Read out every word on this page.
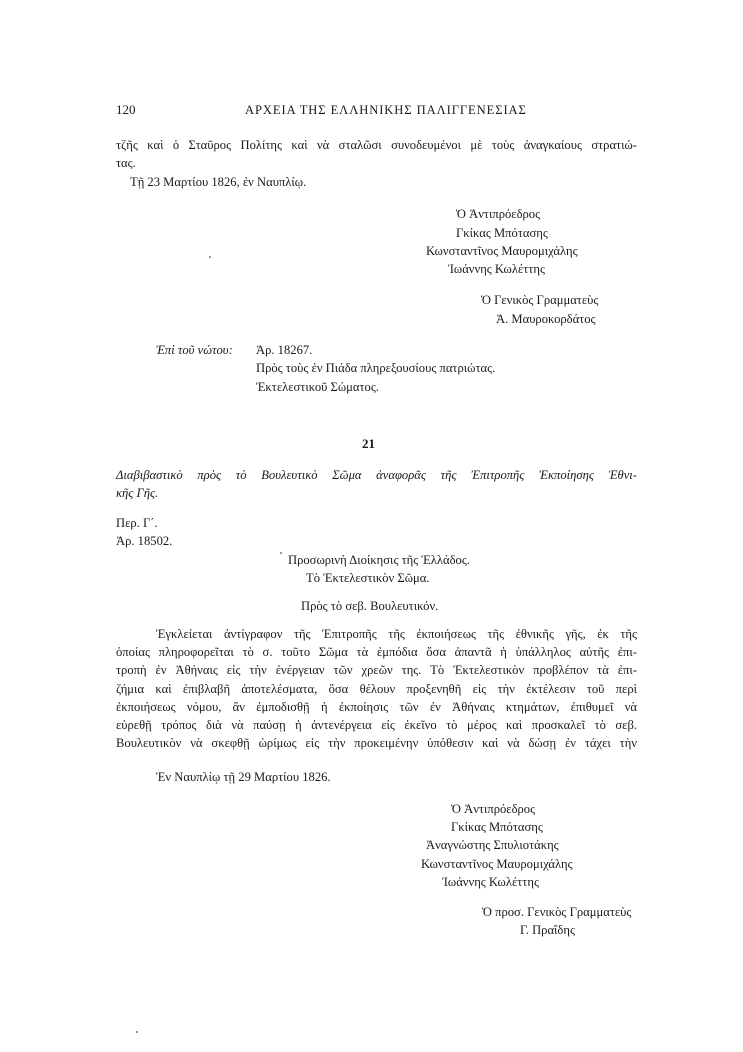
120	ΑΡΧΕΙΑ ΤΗΣ ΕΛΛΗΝΙΚΗΣ ΠΑΛΙΓΓΕΝΕΣΙΑΣ
τζῆς καὶ ὁ Σταῦρος Πολίτης καὶ νὰ σταλῶσι συνοδευμένοι μὲ τοὺς ἀναγκαίους στρατιώ-
τας.
Τῇ 23 Μαρτίου 1826, ἐν Ναυπλίῳ.
Ὁ Ἀντιπρόεδρος
Γκίκας Μπότασης
Κωνσταντῖνος Μαυρομιχάλης
Ἰωάννης Κωλέττης
Ὁ Γενικὸς Γραμματεὺς
Ἀ. Μαυροκορδάτος
Ἐπὶ τοῦ νώτου: Ἀρ. 18267.
Πρὸς τοὺς ἐν Πιάδα πληρεξουσίους πατριώτας.
Ἐκτελεστικοῦ Σώματος.
21
Διαβιβαστικὸ πρὸς τὸ Βουλευτικὸ Σῶμα ἀναφορᾶς τῆς Ἐπιτροπῆς Ἐκποίησης Ἐθνι-
κῆς Γῆς.
Περ. Γ΄.
Ἀρ. 18502.
Προσωρινὴ Διοίκησις τῆς Ἑλλάδος.
Τὸ Ἐκτελεστικὸν Σῶμα.
Πρὸς τὸ σεβ. Βουλευτικόν.
Ἐγκλείεται ἀντίγραφον τῆς Ἐπιτροπῆς τῆς ἐκποιήσεως τῆς ἐθνικῆς γῆς, ἐκ τῆς
ὁποίας πληροφορεῖται τὸ σ. τοῦτο Σῶμα τὰ ἐμπόδια ὅσα ἀπαντᾶ ἡ ὑπάλληλος αὐτῆς ἐπι-
τροπὴ ἐν Ἀθήναις εἰς τὴν ἐνέργειαν τῶν χρεῶν της. Τὸ Ἐκτελεστικὸν προβλέπον τὰ ἐπι-
ζήμια καὶ ἐπιβλαβῆ ἀποτελέσματα, ὅσα θέλουν προξενηθῆ εἰς τὴν ἐκτέλεσιν τοῦ περὶ
ἐκποιήσεως νόμου, ἂν ἐμποδισθῇ ἡ ἐκποίησις τῶν ἐν Ἀθήναις κτημάτων, ἐπιθυμεῖ νὰ
εὑρεθῇ τρόπος διὰ νὰ παύσῃ ἡ ἀντενέργεια εἰς ἐκεῖνο τὸ μέρος καὶ προσκαλεῖ τὸ σεβ.
Βουλευτικὸν νὰ σκεφθῇ ὡρίμως εἰς τὴν προκειμένην ὑπόθεσιν καὶ νὰ δώσῃ ἐν τάχει τὴν
Ἐν Ναυπλίῳ τῇ 29 Μαρτίου 1826.
Ὁ Ἀντιπρόεδρος
Γκίκας Μπότασης
Ἀναγνώστης Σπυλιοτάκης
Κωνσταντῖνος Μαυρομιχάλης
Ἰωάννης Κωλέττης
Ὁ προσ. Γενικὸς Γραμματεὺς
Γ. Πραΐδης
